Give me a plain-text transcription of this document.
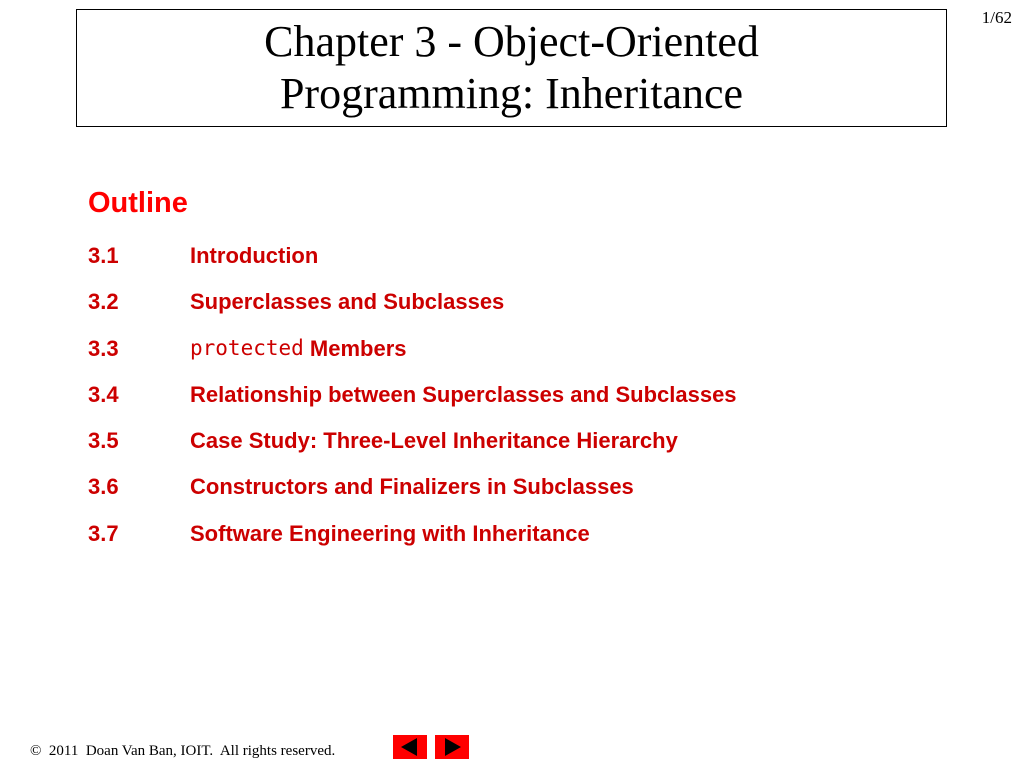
1/62
Chapter 3 - Object-Oriented
Programming: Inheritance
Outline
3.1	Introduction
3.2	Superclasses and Subclasses
3.3	protected Members
3.4	Relationship between Superclasses and Subclasses
3.5	Case Study: Three-Level Inheritance Hierarchy
3.6	Constructors and Finalizers in Subclasses
3.7	Software Engineering with Inheritance
©  2011  Doan Van Ban, IOIT.  All rights reserved.
